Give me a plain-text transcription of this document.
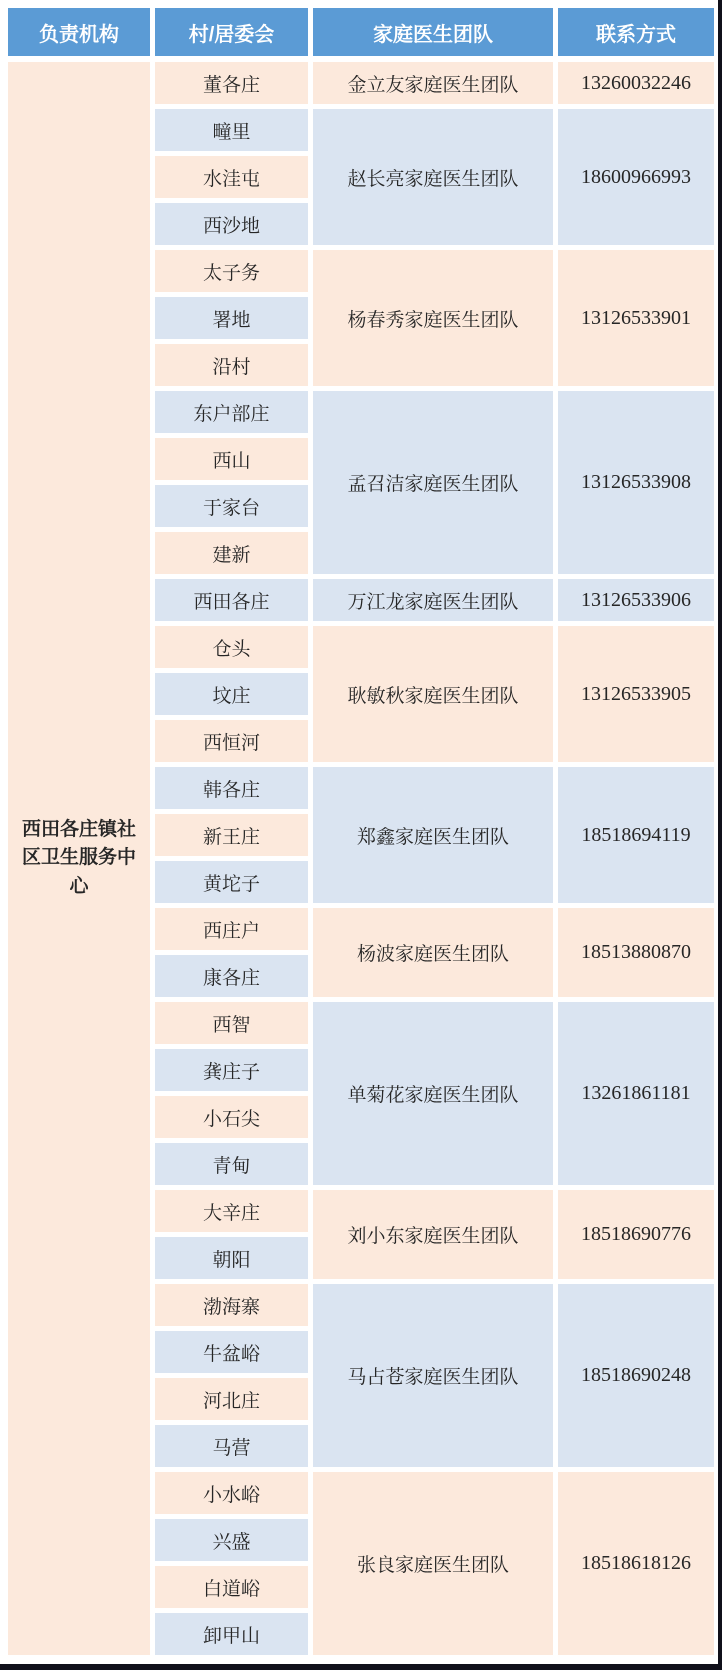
负责机构	村/居委会	家庭医生团队	联系方式
西田各庄镇社区卫生服务中心
董各庄	金立友家庭医生团队	13260032246
疃里
水洼屯
西沙地
赵长亮家庭医生团队	18600966993
太子务
署地
沿村
杨春秀家庭医生团队	13126533901
东户部庄
西山
于家台
建新
孟召洁家庭医生团队	13126533908
西田各庄	万江龙家庭医生团队	13126533906
仓头
坟庄
西恒河
耿敏秋家庭医生团队	13126533905
韩各庄
新王庄
黄坨子
郑鑫家庭医生团队	18518694119
西庄户
康各庄
杨波家庭医生团队	18513880870
西智
龚庄子
小石尖
青甸
单菊花家庭医生团队	13261861181
大辛庄
朝阳
刘小东家庭医生团队	18518690776
渤海寨
牛盆峪
河北庄
马营
马占苍家庭医生团队	18518690248
小水峪
兴盛
白道峪
卸甲山
张良家庭医生团队	18518618126
